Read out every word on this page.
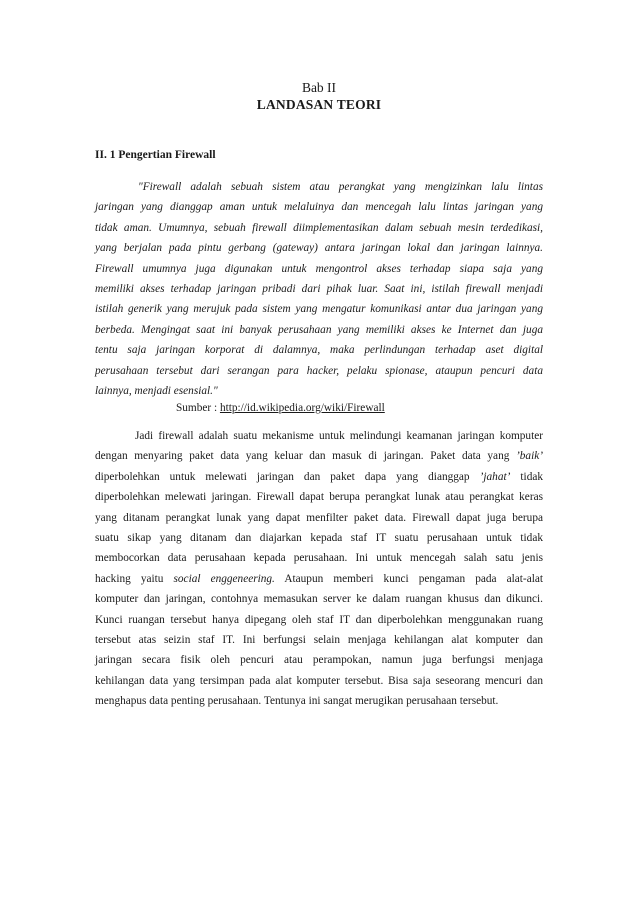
Bab II
LANDASAN TEORI
II. 1 Pengertian Firewall
"Firewall adalah sebuah sistem atau perangkat yang mengizinkan lalu lintas
jaringan yang dianggap aman untuk melaluinya dan mencegah lalu lintas jaringan yang
tidak aman. Umumnya, sebuah firewall diimplementasikan dalam sebuah mesin terdedikasi,
yang berjalan pada pintu gerbang (gateway) antara jaringan lokal dan jaringan lainnya.
Firewall umumnya juga digunakan untuk mengontrol akses terhadap siapa saja yang
memiliki akses terhadap jaringan pribadi dari pihak luar. Saat ini, istilah firewall menjadi
istilah generik yang merujuk pada sistem yang mengatur komunikasi antar dua jaringan yang
berbeda. Mengingat saat ini banyak perusahaan yang memiliki akses ke Internet dan juga
tentu saja jaringan korporat di dalamnya, maka perlindungan terhadap aset digital
perusahaan tersebut dari serangan para hacker, pelaku spionase, ataupun pencuri data
lainnya, menjadi esensial."
Sumber : http://id.wikipedia.org/wiki/Firewall
Jadi firewall adalah suatu mekanisme untuk melindungi keamanan jaringan komputer
dengan menyaring paket data yang keluar dan masuk di jaringan. Paket data yang ’baik’
diperbolehkan untuk melewati jaringan dan paket dapa yang dianggap ’jahat’ tidak
diperbolehkan melewati jaringan. Firewall dapat berupa perangkat lunak atau perangkat keras
yang ditanam perangkat lunak yang dapat menfilter paket data. Firewall dapat juga berupa
suatu sikap yang ditanam dan diajarkan kepada staf IT suatu perusahaan untuk tidak
membocorkan data perusahaan kepada perusahaan. Ini untuk mencegah salah satu jenis
hacking yaitu social enggeneering. Ataupun memberi kunci pengaman pada alat-alat
komputer dan jaringan, contohnya memasukan server ke dalam ruangan khusus dan dikunci.
Kunci ruangan tersebut hanya dipegang oleh staf IT dan diperbolehkan menggunakan ruang
tersebut atas seizin staf IT. Ini berfungsi selain menjaga kehilangan alat komputer dan
jaringan secara fisik oleh pencuri atau perampokan, namun juga berfungsi menjaga
kehilangan data yang tersimpan pada alat komputer tersebut. Bisa saja seseorang mencuri dan
menghapus data penting perusahaan. Tentunya ini sangat merugikan perusahaan tersebut.
